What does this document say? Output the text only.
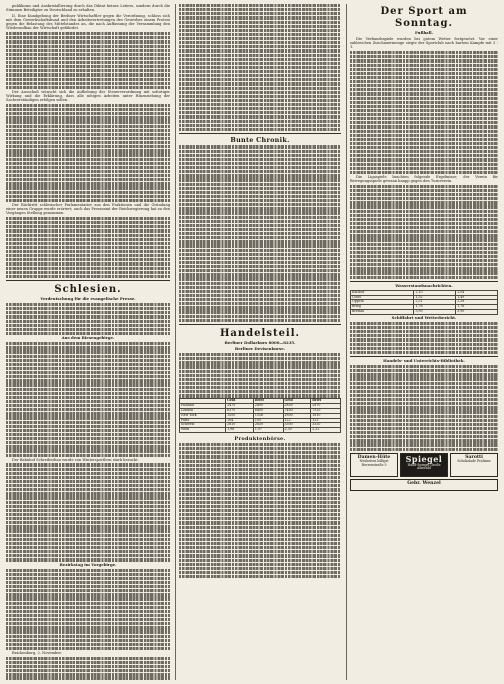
publikums und Auskristallierung durch das Diktat keines Leiters, sondern durch die Stimmen Beteiligter zu Deutschland zu erhalten.

II. Eine Kundgebung der Berliner Wirtschaftler gegen die Verordnung, schloss sich mit dem Gewerkschaftsbund und den Arbeitsvertretungen des Gewerbes einem Protest gegen die Belastung des Mittelstandes an, die nach Auffassung der Versammlung den Wiederaufbau der Wirtschaft gefährdet.

Der Ausschuß wünscht sich die Aufhebung der Steuerverordnung mit sofortiger Wirkung und die Erklärung, dass alle nötigen Arbeiten unter Hinzuziehung der Sachverständigen erfolgen sollen.

Der Rücktritt schlesischer Parlamentarier aus den Fraktionen und die Gründung einer neuen Gruppe wurde erörtert; auch das Presseamt der Reichsregierung hat zu den Vorgängen Stellung genommen.

Schlesien.
Verdeutschung für die evangelische Presse.
Aus dem Riesengebirge.

Der Bahnhof Schreiberhau wurde von Wintersportlern stark besucht.

Bezirkstag im Vorgebirge.

Reichenberg, 2. November.

Bunte Chronik.
Handelsteil.
Berliner Dollarkurs 8000—8235.
Berliner Devisenkurse.
	Geld	Brief	Geld	Brief
Holland	2470	2490	2850	2870
London	6370	6400	7480	7520
New York	1550	1556	1800	1810
Paris	104	105	122	123
Schweiz	2810	2830	3300	3320
Wien	1,96	1,97	2,30	2,32
Produktenbörse.
Der Sport am Sonntag.
Fußball.

Die Verbandsspiele wurden bei gutem Wetter fortgesetzt. Vor einer zahlreichen Zuschauermenge siegte der Sportclub nach hartem Kampfe mit 3 : 1.

Die Ligaspiele brachten folgende Ergebnisse; der Verein für Bewegungsspiele gewann knapp gegen den Turnverein.

Wasserstandsnachrichten.
Ratibor	2,10	2,04
Cosel	1,52	1,49
Oppeln	2,31	2,28
Brieg	1,78	1,76
Breslau	3,95	3,90
Schiffahrt und Wetterbericht.
Handels- und Unterrichts-Bibliothek.
Damen-Hüte
Neuheiten billigst Herrenstraße 5
Spiegel
Hand-Spiegel Große Auswahl
Sarotti
Schokolade Pralinen
Gebr. Wenzel
